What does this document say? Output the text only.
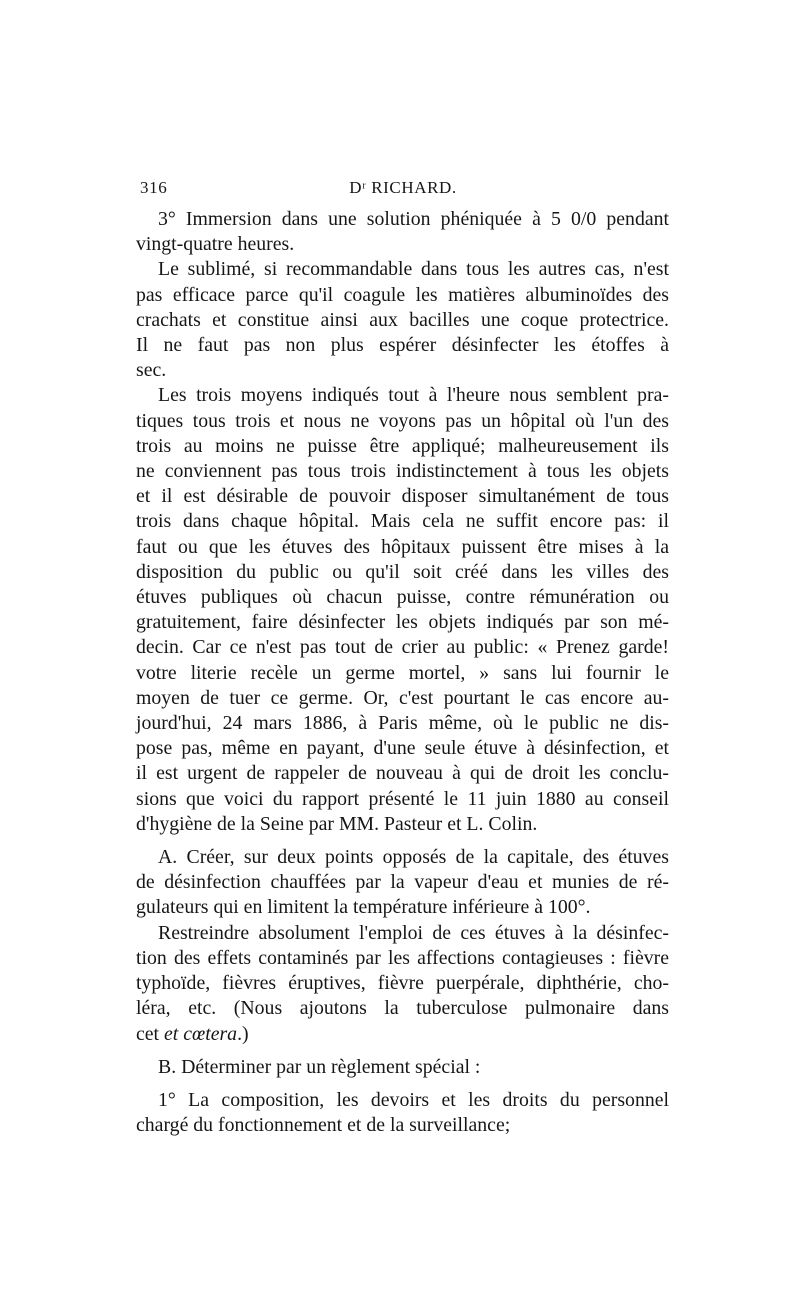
316	Dʳ RICHARD.

3° Immersion dans une solution phéniquée à 5 0/0 pendant
vingt-quatre heures.

Le sublimé, si recommandable dans tous les autres cas, n'est
pas efficace parce qu'il coagule les matières albuminoïdes des
crachats et constitue ainsi aux bacilles une coque protectrice.
Il ne faut pas non plus espérer désinfecter les étoffes à
sec.

Les trois moyens indiqués tout à l'heure nous semblent pra-
tiques tous trois et nous ne voyons pas un hôpital où l'un des
trois au moins ne puisse être appliqué; malheureusement ils
ne conviennent pas tous trois indistinctement à tous les objets
et il est désirable de pouvoir disposer simultanément de tous
trois dans chaque hôpital. Mais cela ne suffit encore pas: il
faut ou que les étuves des hôpitaux puissent être mises à la
disposition du public ou qu'il soit créé dans les villes des
étuves publiques où chacun puisse, contre rémunération ou
gratuitement, faire désinfecter les objets indiqués par son mé-
decin. Car ce n'est pas tout de crier au public: « Prenez garde!
votre literie recèle un germe mortel, » sans lui fournir le
moyen de tuer ce germe. Or, c'est pourtant le cas encore au-
jourd'hui, 24 mars 1886, à Paris même, où le public ne dis-
pose pas, même en payant, d'une seule étuve à désinfection, et
il est urgent de rappeler de nouveau à qui de droit les conclu-
sions que voici du rapport présenté le 11 juin 1880 au conseil
d'hygiène de la Seine par MM. Pasteur et L. Colin.

A. Créer, sur deux points opposés de la capitale, des étuves
de désinfection chauffées par la vapeur d'eau et munies de ré-
gulateurs qui en limitent la température inférieure à 100°.

Restreindre absolument l'emploi de ces étuves à la désinfec-
tion des effets contaminés par les affections contagieuses : fièvre
typhoïde, fièvres éruptives, fièvre puerpérale, diphthérie, cho-
léra, etc. (Nous ajoutons la tuberculose pulmonaire dans
cet et cœtera.)

B. Déterminer par un règlement spécial :

1° La composition, les devoirs et les droits du personnel
chargé du fonctionnement et de la surveillance;
